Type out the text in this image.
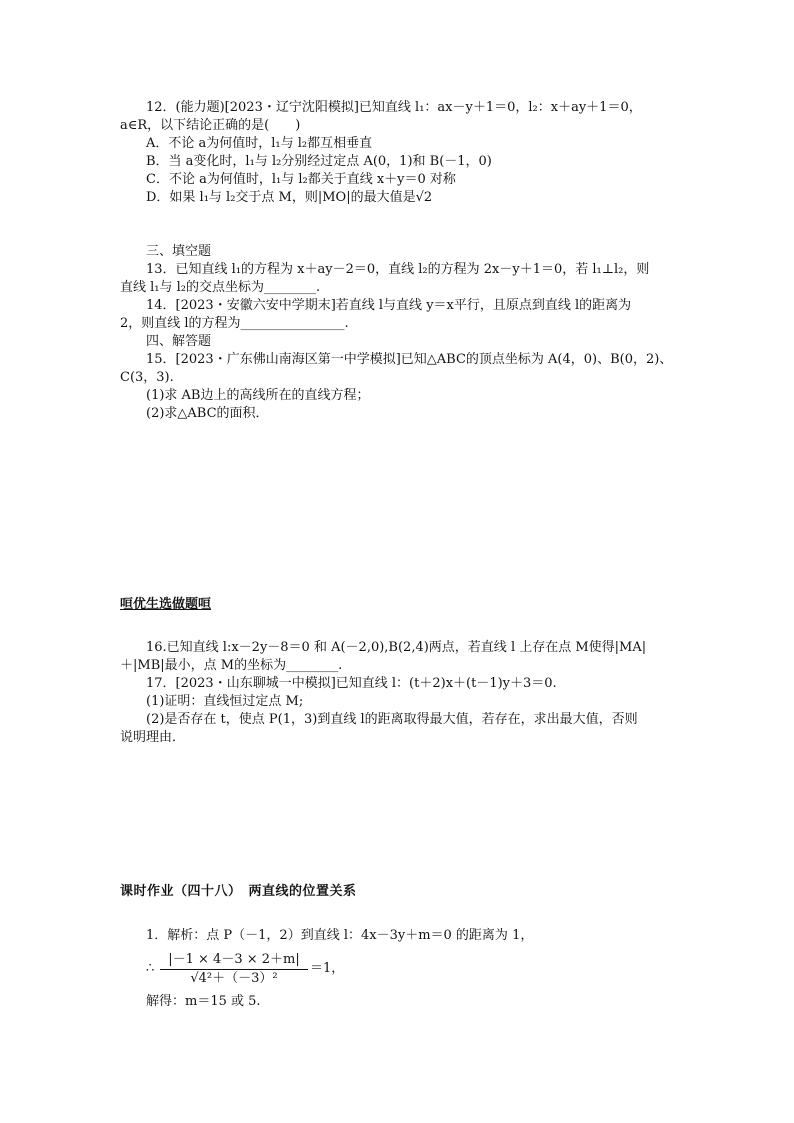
12．(能力题)[2023・辽宁沈阳模拟]已知直线 l₁：ax－y＋1＝0，l₂：x＋ay＋1＝0，
a∈R，以下结论正确的是(　　)
A．不论 a为何值时，l₁与 l₂都互相垂直
B．当 a变化时，l₁与 l₂分别经过定点 A(0，1)和 B(－1，0)
C．不论 a为何值时，l₁与 l₂都关于直线 x＋y＝0 对称
D．如果 l₁与 l₂交于点 M，则|MO|的最大值是√2
三、填空题
13．已知直线 l₁的方程为 x＋ay－2＝0，直线 l₂的方程为 2x－y＋1＝0，若 l₁⊥l₂，则
直线 l₁与 l₂的交点坐标为________.
14．[2023・安徽六安中学期末]若直线 l与直线 y＝x平行，且原点到直线 l的距离为
2，则直线 l的方程为________________.
四、解答题
15．[2023・广东佛山南海区第一中学模拟]已知△ABC的顶点坐标为 A(4，0)、B(0，2)、
C(3，3).
(1)求 AB边上的高线所在的直线方程；
(2)求△ABC的面积．
咺优生选做题咺
16.已知直线 l:x－2y－8＝0 和 A(－2,0),B(2,4)两点，若直线 l 上存在点 M使得|MA|
＋|MB|最小，点 M的坐标为________.
17．[2023・山东聊城一中模拟]已知直线 l：(t＋2)x＋(t－1)y＋3＝0.
(1)证明：直线恒过定点 M;
(2)是否存在 t，使点 P(1，3)到直线 l的距离取得最大值，若存在，求出最大值，否则
说明理由．
课时作业（四十八）　两直线的位置关系
1．解析：点 P（－1，2）到直线 l：4x－3y＋m＝0 的距离为 1，
∴ $\frac{|-1 \times 4-3 \times 2+m|}{\text{√4²＋（－3）²}} =1$，
解得：m＝15 或 5.
